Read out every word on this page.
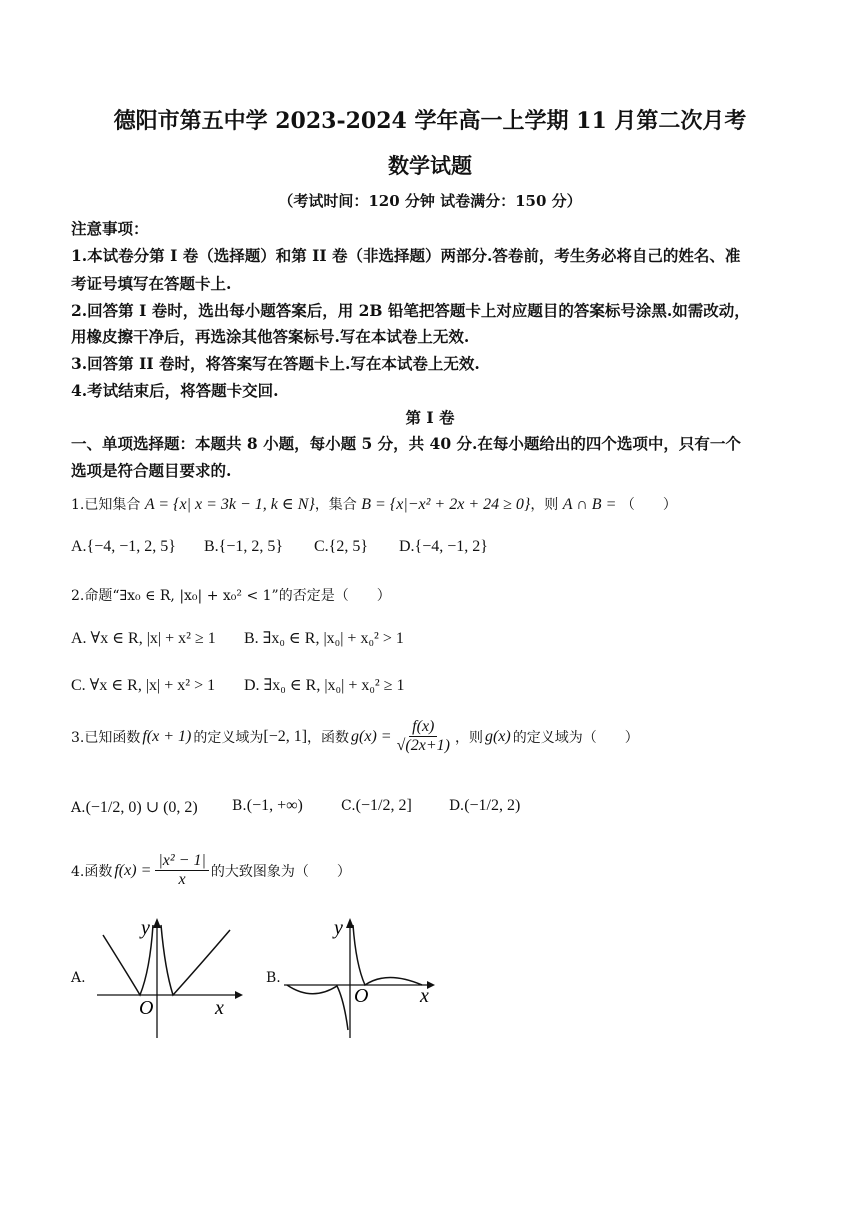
德阳市第五中学 2023-2024 学年高一上学期 11 月第二次月考
数学试题
（考试时间：120 分钟 试卷满分：150 分）
注意事项：
1.本试卷分第 I 卷（选择题）和第 II 卷（非选择题）两部分.答卷前，考生务必将自己的姓名、准
考证号填写在答题卡上.
2.回答第 I 卷时，选出每小题答案后，用 2B 铅笔把答题卡上对应题目的答案标号涂黑.如需改动，
用橡皮擦干净后，再选涂其他答案标号.写在本试卷上无效.
3.回答第 II 卷时，将答案写在答题卡上.写在本试卷上无效.
4.考试结束后，将答题卡交回.
第 I 卷
一、单项选择题：本题共 8 小题，每小题 5 分，共 40 分.在每小题给出的四个选项中，只有一个
选项是符合题目要求的.
1.已知集合 A = {x| x = 3k − 1, k ∈ N}，集合 B = {x|−x² + 2x + 24 ≥ 0}，则 A ∩ B = （　　）
A.{−4, −1, 2, 5} B.{−1, 2, 5} C.{2, 5} D.{−4, −1, 2}
2.命题“∃x₀ ∈ R, |x₀| + x₀² < 1”的否定是（　　）
A. ∀x ∈ R, |x| + x² ≥ 1 B. ∃x₀ ∈ R, |x₀| + x₀² > 1
C. ∀x ∈ R, |x| + x² > 1 D. ∃x₀ ∈ R, |x₀| + x₀² ≥ 1
3.已知函数 f(x + 1) 的定义域为 [−2, 1] ，函数 $g(x) = \frac{f(x)}{√(2x+1)}$ ，则 g(x) 的定义域为（　　）
A.(−1/2, 0) ∪ (0, 2) B.(−1, +∞)	C.(−1/2, 2]	D.(−1/2, 2)
4.函数 $f(x) = \frac{\text{|x² − 1|}}{x}$ 的大致图象为（　　）
A.
y
x
O
B.
y
x
O
